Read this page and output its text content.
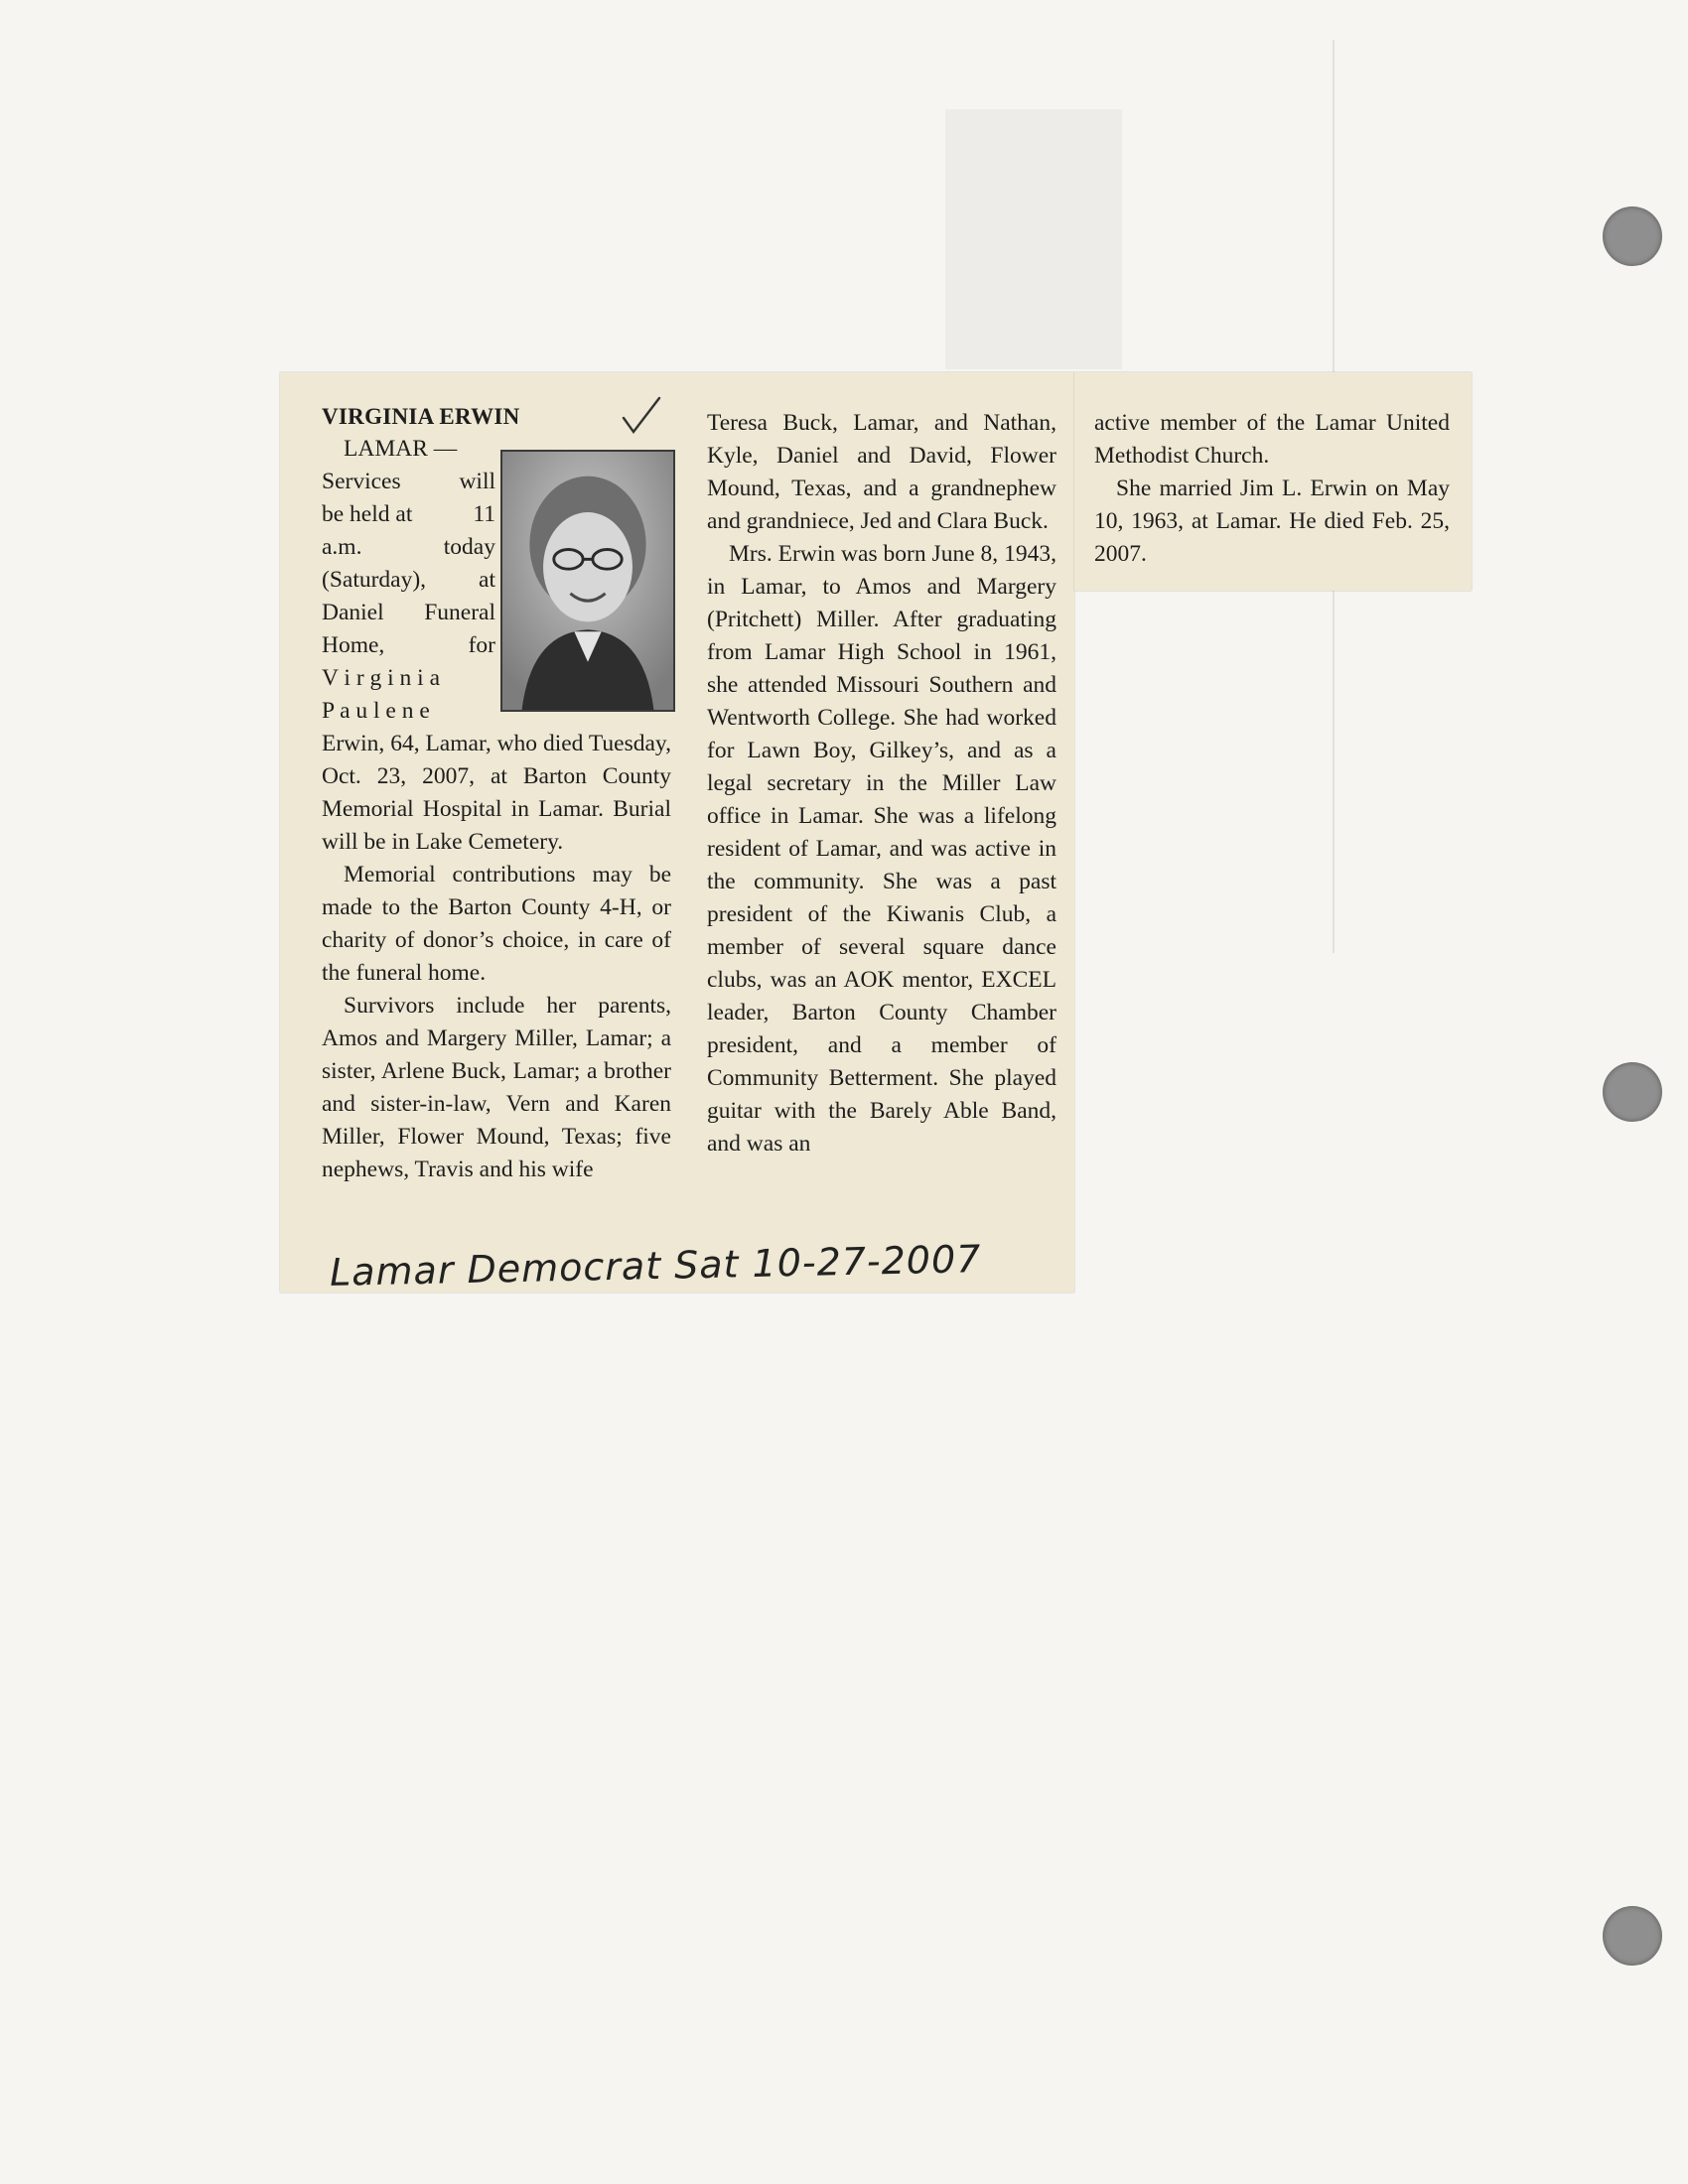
VIRGINIA ERWIN
LAMAR —
Services	will
be held at	11
a.m.	today
(Saturday), at
Daniel Funeral
Home,	for
V i r g i n i a
P a u l e n e

Erwin, 64, Lamar, who died Tuesday, Oct. 23, 2007, at Barton County Memorial Hospital in Lamar. Burial will be in Lake Cemetery.

Memorial contributions may be made to the Barton County 4-H, or charity of donor’s choice, in care of the funeral home.

Survivors include her parents, Amos and Margery Miller, Lamar; a sister, Arlene Buck, Lamar; a brother and sister-in-law, Vern and Karen Miller, Flower Mound, Texas; five nephews, Travis and his wife

Teresa Buck, Lamar, and Nathan, Kyle, Daniel and David, Flower Mound, Texas, and a grandnephew and grandniece, Jed and Clara Buck.

Mrs. Erwin was born June 8, 1943, in Lamar, to Amos and Margery (Pritchett) Miller. After graduating from Lamar High School in 1961, she attended Missouri Southern and Wentworth College. She had worked for Lawn Boy, Gilkey’s, and as a legal secretary in the Miller Law office in Lamar. She was a lifelong resident of Lamar, and was active in the community. She was a past president of the Kiwanis Club, a member of several square dance clubs, was an AOK mentor, EXCEL leader, Barton County Chamber president, and a member of Community Betterment. She played guitar with the Barely Able Band, and was an

Lamar Democrat Sat 10-27-2007

active member of the Lamar United Methodist Church.

She married Jim L. Erwin on May 10, 1963, at Lamar. He died Feb. 25, 2007.
